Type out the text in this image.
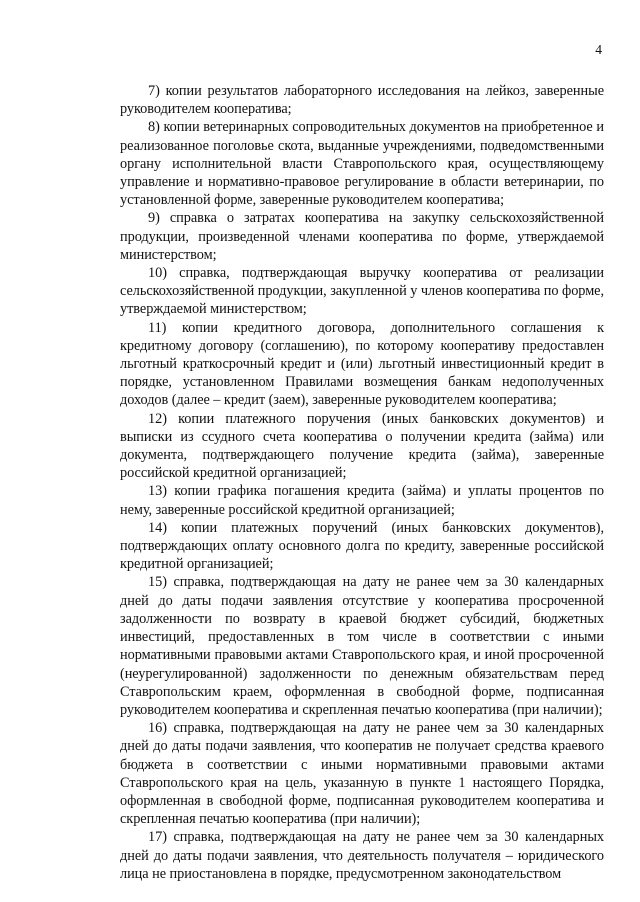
4

7) копии результатов лабораторного исследования на лейкоз, заверенные руководителем кооператива;

8) копии ветеринарных сопроводительных документов на приобретенное и реализованное поголовье скота, выданные учреждениями, подведомственными органу исполнительной власти Ставропольского края, осуществляющему управление и нормативно-правовое регулирование в области ветеринарии, по установленной форме, заверенные руководителем кооператива;

9) справка о затратах кооператива на закупку сельскохозяйственной продукции, произведенной членами кооператива по форме, утверждаемой министерством;

10) справка, подтверждающая выручку кооператива от реализации сельскохозяйственной продукции, закупленной у членов кооператива по форме, утверждаемой министерством;

11) копии кредитного договора, дополнительного соглашения к кредитному договору (соглашению), по которому кооперативу предоставлен льготный краткосрочный кредит и (или) льготный инвестиционный кредит в порядке, установленном Правилами возмещения банкам недополученных доходов (далее – кредит (заем), заверенные руководителем кооператива;

12) копии платежного поручения (иных банковских документов) и выписки из ссудного счета кооператива о получении кредита (займа) или документа, подтверждающего получение кредита (займа), заверенные российской кредитной организацией;

13) копии графика погашения кредита (займа) и уплаты процентов по нему, заверенные российской кредитной организацией;

14) копии платежных поручений (иных банковских документов), подтверждающих оплату основного долга по кредиту, заверенные российской кредитной организацией;

15) справка, подтверждающая на дату не ранее чем за 30 календарных дней до даты подачи заявления отсутствие у кооператива просроченной задолженности по возврату в краевой бюджет субсидий, бюджетных инвестиций, предоставленных в том числе в соответствии с иными нормативными правовыми актами Ставропольского края, и иной просроченной (неурегулированной) задолженности по денежным обязательствам перед Ставропольским краем, оформленная в свободной форме, подписанная руководителем кооператива и скрепленная печатью кооператива (при наличии);

16) справка, подтверждающая на дату не ранее чем за 30 календарных дней до даты подачи заявления, что кооператив не получает средства краевого бюджета в соответствии с иными нормативными правовыми актами Ставропольского края на цель, указанную в пункте 1 настоящего Порядка, оформленная в свободной форме, подписанная руководителем кооператива и скрепленная печатью кооператива (при наличии);

17) справка, подтверждающая на дату не ранее чем за 30 календарных дней до даты подачи заявления, что деятельность получателя – юридического лица не приостановлена в порядке, предусмотренном законодательством
